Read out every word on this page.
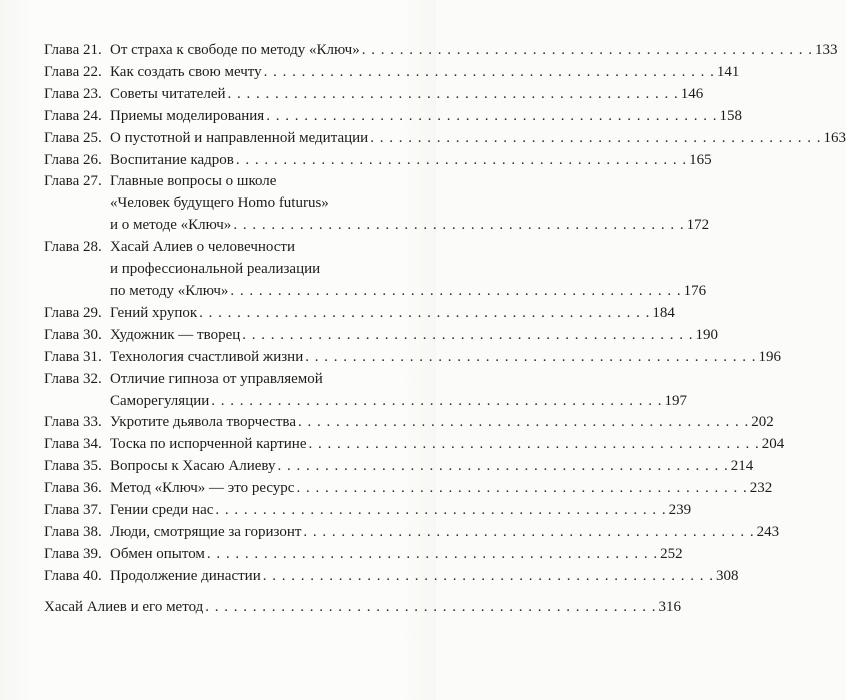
Глава 21. От страха к свободе по методу «Ключ» . . . . . . . . . . . . . . . . . . . . . . . . . . . . . . . . . . . . . . . . . . . . . . . . 133
Глава 22. Как создать свою мечту . . . . . . . . . . . . . . . . . . . . . . . . . . . . . . . . . . . . . . . . . . . . . . . . 141
Глава 23. Советы читателей . . . . . . . . . . . . . . . . . . . . . . . . . . . . . . . . . . . . . . . . . . . . . . . . 146
Глава 24. Приемы моделирования . . . . . . . . . . . . . . . . . . . . . . . . . . . . . . . . . . . . . . . . . . . . . . . . 158
Глава 25. О пустотной и направленной медитации . . . . . . . . . . . . . . . . . . . . . . . . . . . . . . . . . . . . . . . . . . . . . . . . 163
Глава 26. Воспитание кадров . . . . . . . . . . . . . . . . . . . . . . . . . . . . . . . . . . . . . . . . . . . . . . . . 165
Глава 27. Главные вопросы о школе
«Человек будущего Homo futurus»
и о методе «Ключ» . . . . . . . . . . . . . . . . . . . . . . . . . . . . . . . . . . . . . . . . . . . . . . . . 172
Глава 28. Хасай Алиев о человечности
и профессиональной реализации
по методу «Ключ» . . . . . . . . . . . . . . . . . . . . . . . . . . . . . . . . . . . . . . . . . . . . . . . . 176
Глава 29. Гений хрупок . . . . . . . . . . . . . . . . . . . . . . . . . . . . . . . . . . . . . . . . . . . . . . . . 184
Глава 30. Художник — творец . . . . . . . . . . . . . . . . . . . . . . . . . . . . . . . . . . . . . . . . . . . . . . . . 190
Глава 31. Технология счастливой жизни . . . . . . . . . . . . . . . . . . . . . . . . . . . . . . . . . . . . . . . . . . . . . . . . 196
Глава 32. Отличие гипноза от управляемой
Саморегуляции . . . . . . . . . . . . . . . . . . . . . . . . . . . . . . . . . . . . . . . . . . . . . . . . 197
Глава 33. Укротите дьявола творчества . . . . . . . . . . . . . . . . . . . . . . . . . . . . . . . . . . . . . . . . . . . . . . . . 202
Глава 34. Тоска по испорченной картине . . . . . . . . . . . . . . . . . . . . . . . . . . . . . . . . . . . . . . . . . . . . . . . . 204
Глава 35. Вопросы к Хасаю Алиеву . . . . . . . . . . . . . . . . . . . . . . . . . . . . . . . . . . . . . . . . . . . . . . . . 214
Глава 36. Метод «Ключ» — это ресурс . . . . . . . . . . . . . . . . . . . . . . . . . . . . . . . . . . . . . . . . . . . . . . . . 232
Глава 37. Гении среди нас . . . . . . . . . . . . . . . . . . . . . . . . . . . . . . . . . . . . . . . . . . . . . . . . 239
Глава 38. Люди, смотрящие за горизонт . . . . . . . . . . . . . . . . . . . . . . . . . . . . . . . . . . . . . . . . . . . . . . . . 243
Глава 39. Обмен опытом . . . . . . . . . . . . . . . . . . . . . . . . . . . . . . . . . . . . . . . . . . . . . . . . 252
Глава 40. Продолжение династии . . . . . . . . . . . . . . . . . . . . . . . . . . . . . . . . . . . . . . . . . . . . . . . . 308
Хасай Алиев и его метод . . . . . . . . . . . . . . . . . . . . . . . . . . . . . . . . . . . . . . . . . . . . . . . . 316
